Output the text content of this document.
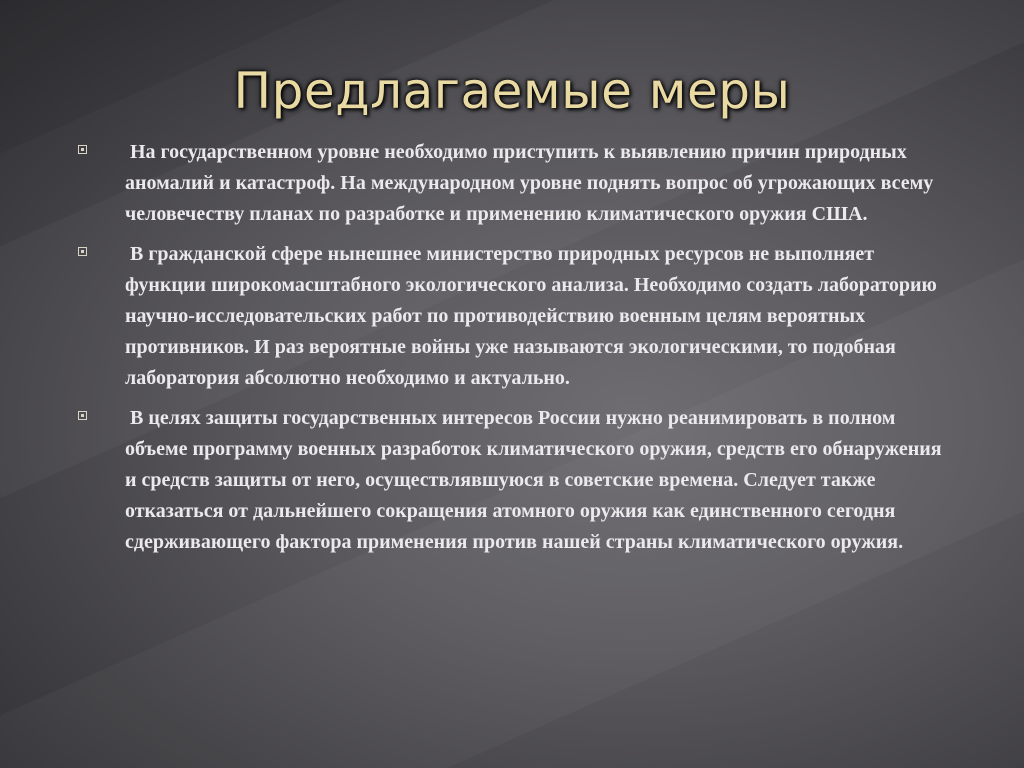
Предлагаемые меры

На государственном уровне необходимо приступить к выявлению причин природных аномалий и катастроф. На международном уровне поднять вопрос об угрожающих всему человечеству планах по разработке и применению климатического оружия США.

В гражданской сфере нынешнее министерство природных ресурсов не выполняет функции широкомасштабного экологического анализа. Необходимо создать лабораторию научно-исследовательских работ по противодействию военным целям вероятных противников. И раз вероятные войны уже называются экологическими, то подобная лаборатория абсолютно необходимо и актуально.

В целях защиты государственных интересов России нужно реанимировать в полном объеме программу военных разработок климатического оружия, средств его обнаружения и средств защиты от него, осуществлявшуюся в советские времена. Следует также отказаться от дальнейшего сокращения атомного оружия как единственного сегодня сдерживающего фактора применения против нашей страны климатического оружия.
